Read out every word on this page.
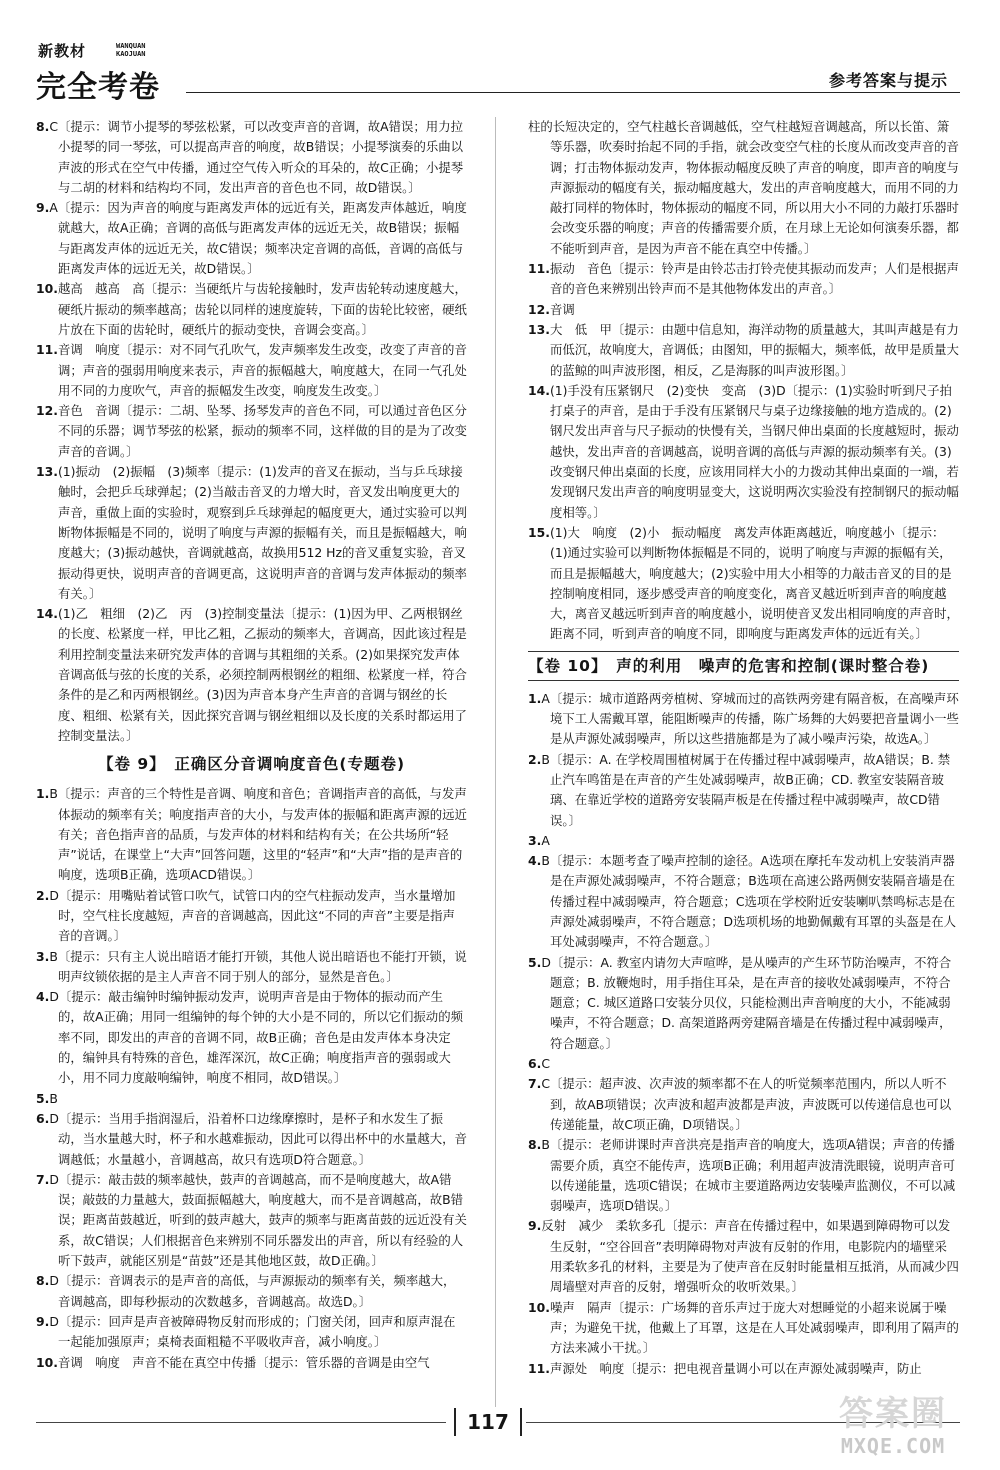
新教材	WANQUAN
KAOJUAN
完全考卷	参考答案与提示

8.C〔提示：调节小提琴的琴弦松紧，可以改变声音的音调，故A错误；用力拉小提琴的同一琴弦，可以提高声音的响度，故B错误；小提琴演奏的乐曲以声波的形式在空气中传播，通过空气传入听众的耳朵的，故C正确；小提琴与二胡的材料和结构均不同，发出声音的音色也不同，故D错误。〕

9.A〔提示：因为声音的响度与距离发声体的远近有关，距离发声体越近，响度就越大，故A正确；音调的高低与距离发声体的远近无关，故B错误；振幅与距离发声体的远近无关，故C错误；频率决定音调的高低，音调的高低与距离发声体的远近无关，故D错误。〕

10.越高　越高　高〔提示：当硬纸片与齿轮接触时，发声齿轮转动速度越大，硬纸片振动的频率越高；齿轮以同样的速度旋转，下面的齿轮比较密，硬纸片放在下面的齿轮时，硬纸片的振动变快，音调会变高。〕

11.音调　响度〔提示：对不同气孔吹气，发声频率发生改变，改变了声音的音调；声音的强弱用响度来表示，声音的振幅越大，响度越大，在同一气孔处用不同的力度吹气，声音的振幅发生改变，响度发生改变。〕

12.音色　音调〔提示：二胡、坠琴、扬琴发声的音色不同，可以通过音色区分不同的乐器；调节琴弦的松紧，振动的频率不同，这样做的目的是为了改变声音的音调。〕

13.(1)振动　(2)振幅　(3)频率〔提示：(1)发声的音叉在振动，当与乒乓球接触时，会把乒乓球弹起；(2)当敲击音叉的力增大时，音叉发出响度更大的声音，重做上面的实验时，观察到乒乓球弹起的幅度更大，通过实验可以判断物体振幅是不同的，说明了响度与声源的振幅有关，而且是振幅越大，响度越大；(3)振动越快，音调就越高，故换用512 Hz的音叉重复实验，音叉振动得更快，说明声音的音调更高，这说明声音的音调与发声体振动的频率有关。〕

14.(1)乙　粗细　(2)乙　丙　(3)控制变量法〔提示：(1)因为甲、乙两根钢丝的长度、松紧度一样，甲比乙粗，乙振动的频率大，音调高，因此该过程是利用控制变量法来研究发声体的音调与其粗细的关系。(2)如果探究发声体音调高低与弦的长度的关系，必须控制两根钢丝的粗细、松紧度一样，符合条件的是乙和丙两根钢丝。(3)因为声音本身产生声音的音调与钢丝的长度、粗细、松紧有关，因此探究音调与钢丝粗细以及长度的关系时都运用了控制变量法。〕

【卷 9】　正确区分音调响度音色(专题卷)

1.B〔提示：声音的三个特性是音调、响度和音色；音调指声音的高低，与发声体振动的频率有关；响度指声音的大小，与发声体的振幅和距离声源的远近有关；音色指声音的品质，与发声体的材料和结构有关；在公共场所“轻声”说话，在课堂上“大声”回答问题，这里的“轻声”和“大声”指的是声音的响度，选项B正确，选项ACD错误。〕

2.D〔提示：用嘴贴着试管口吹气，试管口内的空气柱振动发声，当水量增加时，空气柱长度越短，声音的音调越高，因此这“不同的声音”主要是指声音的音调。〕

3.B〔提示：只有主人说出暗语才能打开锁，其他人说出暗语也不能打开锁，说明声纹锁依据的是主人声音不同于别人的部分，显然是音色。〕

4.D〔提示：敲击编钟时编钟振动发声，说明声音是由于物体的振动而产生的，故A正确；用同一组编钟的每个钟的大小是不同的，所以它们振动的频率不同，即发出的声音的音调不同，故B正确；音色是由发声体本身决定的，编钟具有特殊的音色，雄浑深沉，故C正确；响度指声音的强弱或大小，用不同力度敲响编钟，响度不相同，故D错误。〕

5.B

6.D〔提示：当用手指润湿后，沿着杯口边缘摩擦时，是杯子和水发生了振动，当水量越大时，杯子和水越难振动，因此可以得出杯中的水量越大，音调越低；水量越小，音调越高，故只有选项D符合题意。〕

7.D〔提示：敲击鼓的频率越快，鼓声的音调越高，而不是响度越大，故A错误；敲鼓的力量越大，鼓面振幅越大，响度越大，而不是音调越高，故B错误；距离苗鼓越近，听到的鼓声越大，鼓声的频率与距离苗鼓的远近没有关系，故C错误；人们根据音色来辨别不同乐器发出的声音，所以有经验的人听下鼓声，就能区别是“苗鼓”还是其他地区鼓，故D正确。〕

8.D〔提示：音调表示的是声音的高低，与声源振动的频率有关，频率越大，音调越高，即每秒振动的次数越多，音调越高。故选D。〕

9.D〔提示：回声是声音被障碍物反射而形成的；门窗关闭，回声和原声混在一起能加强原声；桌椅表面粗糙不平吸收声音，减小响度。〕

10.音调　响度　声音不能在真空中传播〔提示：管乐器的音调是由空气

柱的长短决定的，空气柱越长音调越低，空气柱越短音调越高，所以长笛、箫等乐器，吹奏时抬起不同的手指，就会改变空气柱的长度从而改变声音的音调；打击物体振动发声，物体振动幅度反映了声音的响度，即声音的响度与声源振动的幅度有关，振动幅度越大，发出的声音响度越大，而用不同的力敲打同样的物体时，物体振动的幅度不同，所以用大小不同的力敲打乐器时会改变乐器的响度；声音的传播需要介质，在月球上无论如何演奏乐器，都不能听到声音，是因为声音不能在真空中传播。〕

11.振动　音色〔提示：铃声是由铃芯击打铃壳使其振动而发声；人们是根据声音的音色来辨别出铃声而不是其他物体发出的声音。〕

12.音调

13.大　低　甲〔提示：由题中信息知，海洋动物的质量越大，其叫声越是有力而低沉，故响度大，音调低；由图知，甲的振幅大，频率低，故甲是质量大的蓝鲸的叫声波形图，相反，乙是海豚的叫声波形图。〕

14.(1)手没有压紧钢尺　(2)变快　变高　(3)D〔提示：(1)实验时听到尺子拍打桌子的声音，是由于手没有压紧钢尺与桌子边缘接触的地方造成的。(2)钢尺发出声音与尺子振动的快慢有关，当钢尺伸出桌面的长度越短时，振动越快，发出声音的音调越高，说明音调的高低与声源的振动频率有关。(3)改变钢尺伸出桌面的长度，应该用同样大小的力拨动其伸出桌面的一端，若发现钢尺发出声音的响度明显变大，这说明两次实验没有控制钢尺的振动幅度相等。〕

15.(1)大　响度　(2)小　振动幅度　离发声体距离越近，响度越小〔提示：(1)通过实验可以判断物体振幅是不同的，说明了响度与声源的振幅有关，而且是振幅越大，响度越大；(2)实验中用大小相等的力敲击音叉的目的是控制响度相同，逐步感受声音的响度变化，离音叉越近听到声音的响度越大，离音叉越远听到声音的响度越小，说明使音叉发出相同响度的声音时，距离不同，听到声音的响度不同，即响度与距离发声体的远近有关。〕

【卷 10】　声的利用　噪声的危害和控制(课时整合卷)

1.A〔提示：城市道路两旁植树、穿城而过的高铁两旁建有隔音板，在高噪声环境下工人需戴耳罩，能阻断噪声的传播，陈广场舞的大妈要把音量调小一些是从声源处减弱噪声，所以这些措施都是为了减小噪声污染，故选A。〕

2.B〔提示：A. 在学校周围植树属于在传播过程中减弱噪声，故A错误；B. 禁止汽车鸣笛是在声音的产生处减弱噪声，故B正确；CD. 教室安装隔音玻璃、在靠近学校的道路旁安装隔声板是在传播过程中减弱噪声，故CD错误。〕

3.A

4.B〔提示：本题考查了噪声控制的途径。A选项在摩托车发动机上安装消声器是在声源处减弱噪声，不符合题意；B选项在高速公路两侧安装隔音墙是在传播过程中减弱噪声，符合题意；C选项在学校附近安装喇叭禁鸣标志是在声源处减弱噪声，不符合题意；D选项机场的地勤佩戴有耳罩的头盔是在人耳处减弱噪声，不符合题意。〕

5.D〔提示：A. 教室内请勿大声喧哗，是从噪声的产生环节防治噪声，不符合题意；B. 放鞭炮时，用手指住耳朵，是在声音的接收处减弱噪声，不符合题意；C. 城区道路口安装分贝仪，只能检测出声音响度的大小，不能减弱噪声，不符合题意；D. 高架道路两旁建隔音墙是在传播过程中减弱噪声，符合题意。〕

6.C

7.C〔提示：超声波、次声波的频率都不在人的听觉频率范围内，所以人听不到，故AB项错误；次声波和超声波都是声波，声波既可以传递信息也可以传递能量，故C项正确，D项错误。〕

8.B〔提示：老师讲课时声音洪亮是指声音的响度大，选项A错误；声音的传播需要介质，真空不能传声，选项B正确；利用超声波清洗眼镜，说明声音可以传递能量，选项C错误；在城市主要道路两边安装噪声监测仪，不可以减弱噪声，选项D错误。〕

9.反射　减少　柔软多孔〔提示：声音在传播过程中，如果遇到障碍物可以发生反射，“空谷回音”表明障碍物对声波有反射的作用，电影院内的墙壁采用柔软多孔的材料，主要是为了使声音在反射时能量相互抵消，从而减少四周墙壁对声音的反射，增强听众的收听效果。〕

10.噪声　隔声〔提示：广场舞的音乐声过于庞大对想睡觉的小超来说属于噪声；为避免干扰，他戴上了耳罩，这是在人耳处减弱噪声，即利用了隔声的方法来减小干扰。〕

11.声源处　响度〔提示：把电视音量调小可以在声源处减弱噪声，防止

117	答案圈
MXQE.COM
